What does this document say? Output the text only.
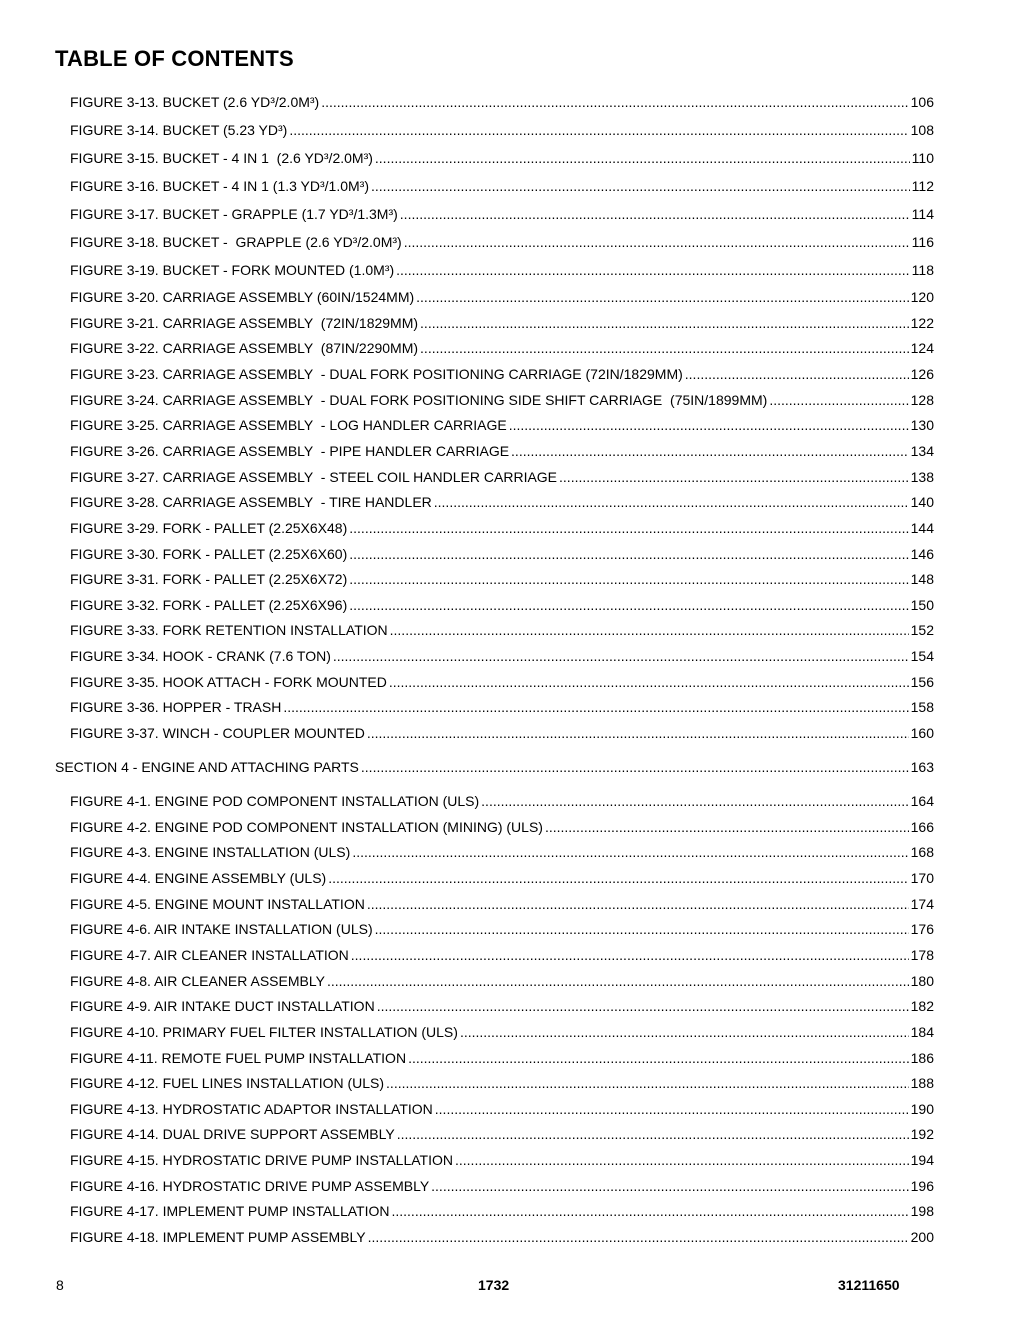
TABLE OF CONTENTS
FIGURE 3-13. BUCKET (2.6 YD³/2.0M³) .....	106
FIGURE 3-14. BUCKET (5.23 YD³) .....	108
FIGURE 3-15. BUCKET - 4 IN 1  (2.6 YD³/2.0M³) .....	110
FIGURE 3-16. BUCKET - 4 IN 1 (1.3 YD³/1.0M³) .....	112
FIGURE 3-17. BUCKET - GRAPPLE (1.7 YD³/1.3M³) .....	114
FIGURE 3-18. BUCKET -  GRAPPLE (2.6 YD³/2.0M³) .....	116
FIGURE 3-19. BUCKET - FORK MOUNTED (1.0M³) .....	118
FIGURE 3-20. CARRIAGE ASSEMBLY (60IN/1524MM) .....	120
FIGURE 3-21. CARRIAGE ASSEMBLY  (72IN/1829MM) .....	122
FIGURE 3-22. CARRIAGE ASSEMBLY  (87IN/2290MM) .....	124
FIGURE 3-23. CARRIAGE ASSEMBLY  - DUAL FORK POSITIONING CARRIAGE (72IN/1829MM) .....	126
FIGURE 3-24. CARRIAGE ASSEMBLY  - DUAL FORK POSITIONING SIDE SHIFT CARRIAGE  (75IN/1899MM) .....	128
FIGURE 3-25. CARRIAGE ASSEMBLY  - LOG HANDLER CARRIAGE .....	130
FIGURE 3-26. CARRIAGE ASSEMBLY  - PIPE HANDLER CARRIAGE .....	134
FIGURE 3-27. CARRIAGE ASSEMBLY  - STEEL COIL HANDLER CARRIAGE .....	138
FIGURE 3-28. CARRIAGE ASSEMBLY  - TIRE HANDLER .....	140
FIGURE 3-29. FORK - PALLET (2.25X6X48) .....	144
FIGURE 3-30. FORK - PALLET (2.25X6X60) .....	146
FIGURE 3-31. FORK - PALLET (2.25X6X72) .....	148
FIGURE 3-32. FORK - PALLET (2.25X6X96) .....	150
FIGURE 3-33. FORK RETENTION INSTALLATION .....	152
FIGURE 3-34. HOOK - CRANK (7.6 TON) .....	154
FIGURE 3-35. HOOK ATTACH - FORK MOUNTED .....	156
FIGURE 3-36. HOPPER - TRASH .....	158
FIGURE 3-37. WINCH - COUPLER MOUNTED .....	160
SECTION 4 - ENGINE AND ATTACHING PARTS .....	163
FIGURE 4-1. ENGINE POD COMPONENT INSTALLATION (ULS) .....	164
FIGURE 4-2. ENGINE POD COMPONENT INSTALLATION (MINING) (ULS) .....	166
FIGURE 4-3. ENGINE INSTALLATION (ULS) .....	168
FIGURE 4-4. ENGINE ASSEMBLY (ULS) .....	170
FIGURE 4-5. ENGINE MOUNT INSTALLATION .....	174
FIGURE 4-6. AIR INTAKE INSTALLATION (ULS) .....	176
FIGURE 4-7. AIR CLEANER INSTALLATION .....	178
FIGURE 4-8. AIR CLEANER ASSEMBLY .....	180
FIGURE 4-9. AIR INTAKE DUCT INSTALLATION .....	182
FIGURE 4-10. PRIMARY FUEL FILTER INSTALLATION (ULS) .....	184
FIGURE 4-11. REMOTE FUEL PUMP INSTALLATION .....	186
FIGURE 4-12. FUEL LINES INSTALLATION (ULS) .....	188
FIGURE 4-13. HYDROSTATIC ADAPTOR INSTALLATION .....	190
FIGURE 4-14. DUAL DRIVE SUPPORT ASSEMBLY .....	192
FIGURE 4-15. HYDROSTATIC DRIVE PUMP INSTALLATION .....	194
FIGURE 4-16. HYDROSTATIC DRIVE PUMP ASSEMBLY .....	196
FIGURE 4-17. IMPLEMENT PUMP INSTALLATION .....	198
FIGURE 4-18. IMPLEMENT PUMP ASSEMBLY .....	200
8	1732	31211650
